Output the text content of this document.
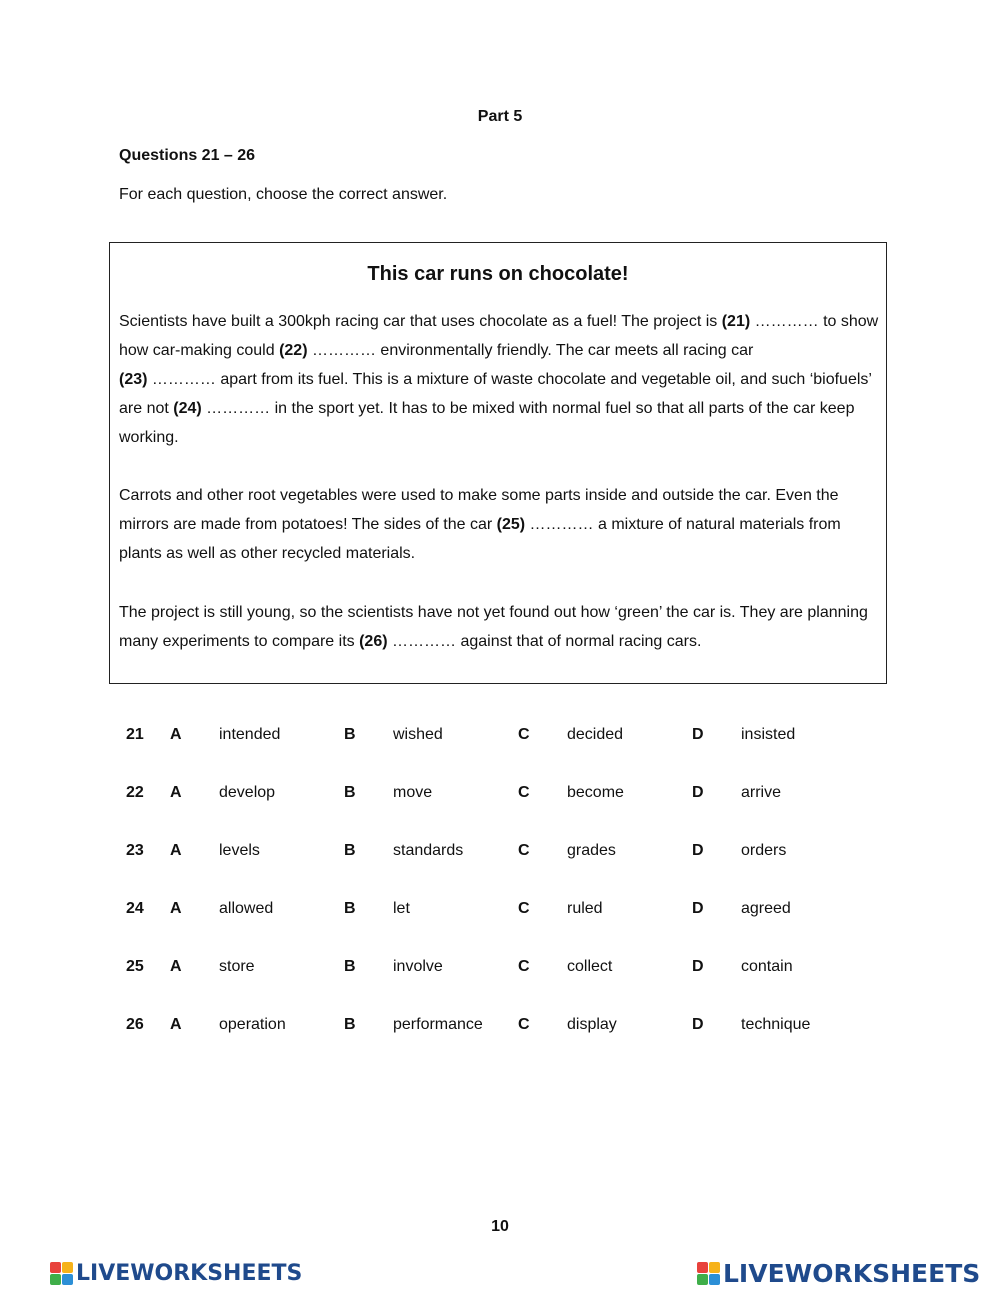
Part 5
Questions 21 – 26
For each question, choose the correct answer.
This car runs on chocolate!
Scientists have built a 300kph racing car that uses chocolate as a fuel! The project is (21) ………… to show how car-making could (22) ………… environmentally friendly. The car meets all racing car
(23) ………… apart from its fuel. This is a mixture of waste chocolate and vegetable oil, and such ‘biofuels’ are not (24) ………… in the sport yet. It has to be mixed with normal fuel so that all parts of the car keep working.
Carrots and other root vegetables were used to make some parts inside and outside the car. Even the mirrors are made from potatoes! The sides of the car (25) ………… a mixture of natural materials from plants as well as other recycled materials.
The project is still young, so the scientists have not yet found out how ‘green’ the car is. They are planning many experiments to compare its (26) ………… against that of normal racing cars.
21 A intended	B wished	C decided	D insisted
22 A develop	B move	C become	D arrive
23 A levels	B standards	C grades	D orders
24 A allowed	B let	C ruled	D agreed
25 A store	B involve	C collect	D contain
26 A operation	B performance C display	D technique
10
LIVEWORKSHEETS	LIVEWORKSHEETS
